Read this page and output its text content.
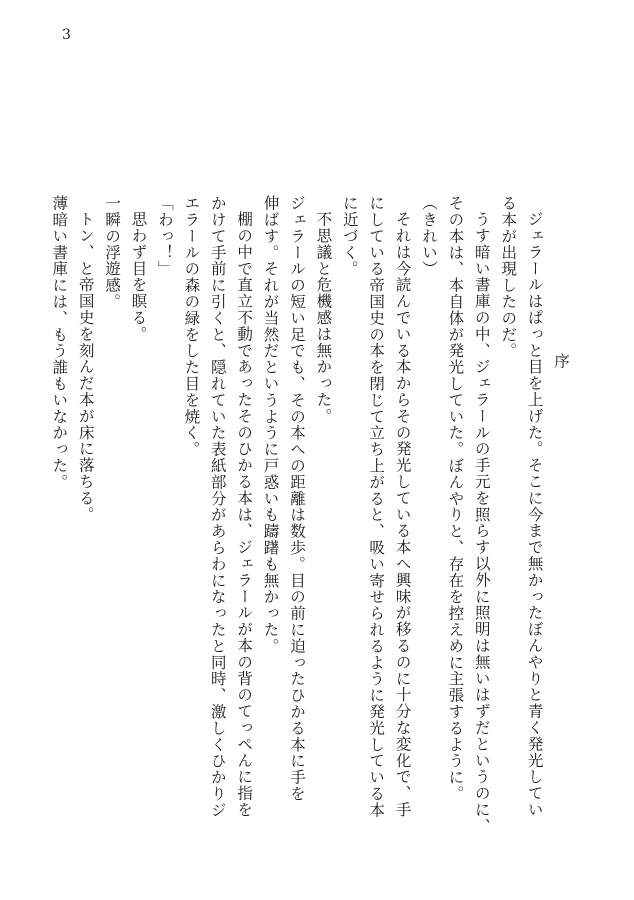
3

序

ジェラールはぱっと目を上げた。そこに今まで無かったぼんやりと青く発光してい

る本が出現したのだ。

うす暗い書庫の中、ジェラールの手元を照らす以外に照明は無いはずだというのに、

その本は、本自体が発光していた。ぼんやりと、存在を控えめに主張するように。

（きれい）

それは今読んでいる本からその発光している本へ興味が移るのに十分な変化で、手

にしている帝国史の本を閉じて立ち上がると、吸い寄せられるように発光している本

に近づく。

不思議と危機感は無かった。

ジェラールの短い足でも、その本への距離は数歩。目の前に迫ったひかる本に手を

伸ばす。それが当然だというように戸惑いも躊躇も無かった。

棚の中で直立不動であったそのひかる本は、ジェラールが本の背のてっぺんに指を

かけて手前に引くと、隠れていた表紙部分があらわになったと同時、激しくひかりジ

エラールの森の緑をした目を焼く。

「わっ！」

思わず目を瞑る。

一瞬の浮遊感。

トン、と帝国史を刻んだ本が床に落ちる。

薄暗い書庫には、もう誰もいなかった。
